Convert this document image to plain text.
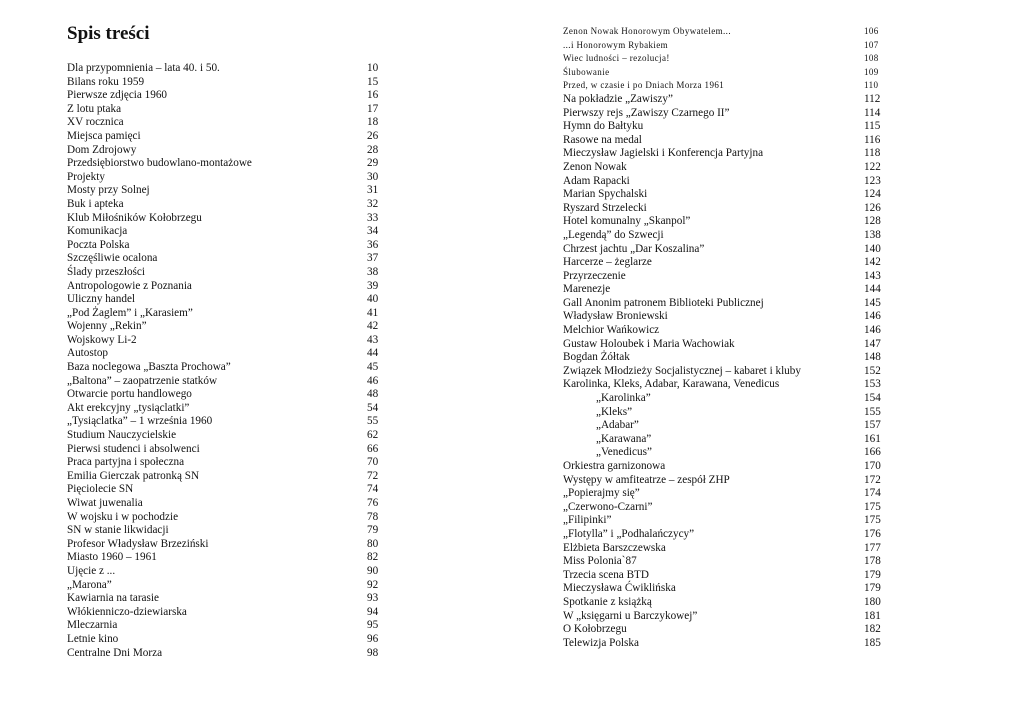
Spis treści
Dla przypomnienia – lata 40. i 50.	10
Bilans roku 1959	15
Pierwsze zdjęcia 1960	16
Z lotu ptaka	17
XV rocznica	18
Miejsca pamięci	26
Dom Zdrojowy	28
Przedsiębiorstwo budowlano-montażowe	29
Projekty	30
Mosty przy Solnej	31
Buk i apteka	32
Klub Miłośników Kołobrzegu	33
Komunikacja	34
Poczta Polska	36
Szczęśliwie ocalona	37
Ślady przeszłości	38
Antropologowie z Poznania	39
Uliczny handel	40
„Pod Żaglem” i „Karasiem”	41
Wojenny „Rekin”	42
Wojskowy Li-2	43
Autostop	44
Baza noclegowa „Baszta Prochowa”	45
„Baltona” – zaopatrzenie statków	46
Otwarcie portu handlowego	48
Akt erekcyjny „tysiąclatki”	54
„Tysiąclatka” – 1 września 1960	55
Studium Nauczycielskie	62
Pierwsi studenci i absolwenci	66
Praca partyjna i społeczna	70
Emilia Gierczak patronką SN	72
Pięciolecie SN	74
Wiwat juwenalia	76
W wojsku i w pochodzie	78
SN w stanie likwidacji	79
Profesor Władysław Brzeziński	80
Miasto 1960 – 1961	82
Ujęcie z ...	90
„Marona”	92
Kawiarnia na tarasie	93
Włókienniczo-dziewiarska	94
Mleczarnia	95
Letnie kino	96
Centralne Dni Morza	98
Zenon Nowak Honorowym Obywatelem...	106
...i Honorowym Rybakiem	107
Wiec ludności – rezolucja!	108
Ślubowanie	109
Przed, w czasie i po Dniach Morza 1961	110
Na pokładzie „Zawiszy”	112
Pierwszy rejs „Zawiszy Czarnego II”	114
Hymn do Bałtyku	115
Rasowe na medal	116
Mieczysław Jagielski i Konferencja Partyjna	118
Zenon Nowak	122
Adam Rapacki	123
Marian Spychalski	124
Ryszard Strzelecki	126
Hotel komunalny „Skanpol”	128
„Legendą” do Szwecji	138
Chrzest jachtu „Dar Koszalina”	140
Harcerze – żeglarze	142
Przyrzeczenie	143
Marenezje	144
Gall Anonim patronem Biblioteki Publicznej	145
Władysław Broniewski	146
Melchior Wańkowicz	146
Gustaw Holoubek i Maria Wachowiak	147
Bogdan Żółtak	148
Związek Młodzieży Socjalistycznej – kabaret i kluby	152
Karolinka, Kleks, Adabar, Karawana, Venedicus	153
„Karolinka”	154
„Kleks”	155
„Adabar”	157
„Karawana”	161
„Venedicus”	166
Orkiestra garnizonowa	170
Występy w amfiteatrze – zespół ZHP	172
„Popierajmy się”	174
„Czerwono-Czarni”	175
„Filipinki”	175
„Flotylla” i „Podhalańczycy”	176
Elżbieta Barszczewska	177
Miss Polonia`87	178
Trzecia scena BTD	179
Mieczysława Ćwiklińska	179
Spotkanie z książką	180
W „księgarni u Barczykowej”	181
O Kołobrzegu	182
Telewizja Polska	185
